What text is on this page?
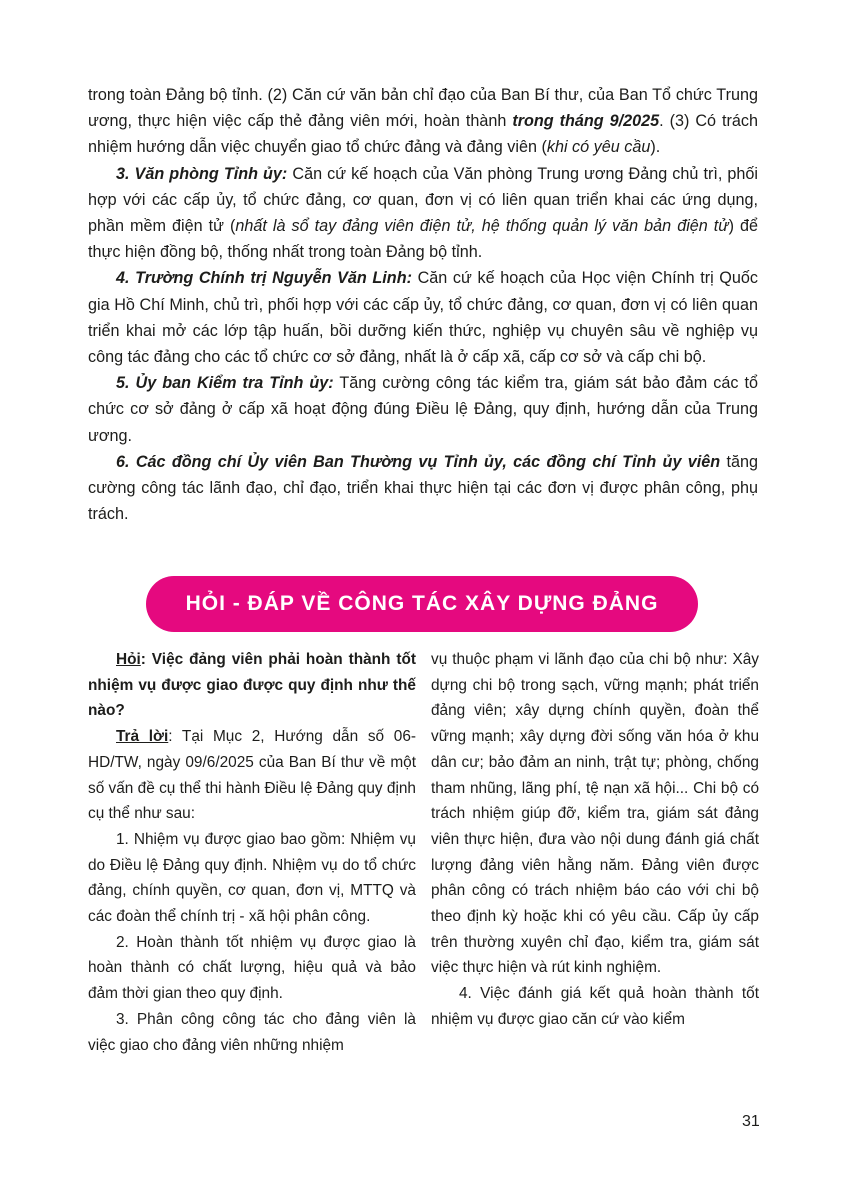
trong toàn Đảng bộ tỉnh. (2) Căn cứ văn bản chỉ đạo của Ban Bí thư, của Ban Tổ chức Trung ương, thực hiện việc cấp thẻ đảng viên mới, hoàn thành trong tháng 9/2025. (3) Có trách nhiệm hướng dẫn việc chuyển giao tổ chức đảng và đảng viên (khi có yêu cầu).

3. Văn phòng Tỉnh ủy: Căn cứ kế hoạch của Văn phòng Trung ương Đảng chủ trì, phối hợp với các cấp ủy, tổ chức đảng, cơ quan, đơn vị có liên quan triển khai các ứng dụng, phần mềm điện tử (nhất là sổ tay đảng viên điện tử, hệ thống quản lý văn bản điện tử) để thực hiện đồng bộ, thống nhất trong toàn Đảng bộ tỉnh.

4. Trường Chính trị Nguyễn Văn Linh: Căn cứ kế hoạch của Học viện Chính trị Quốc gia Hồ Chí Minh, chủ trì, phối hợp với các cấp ủy, tổ chức đảng, cơ quan, đơn vị có liên quan triển khai mở các lớp tập huấn, bồi dưỡng kiến thức, nghiệp vụ chuyên sâu về nghiệp vụ công tác đảng cho các tổ chức cơ sở đảng, nhất là ở cấp xã, cấp cơ sở và cấp chi bộ.

5. Ủy ban Kiểm tra Tỉnh ủy: Tăng cường công tác kiểm tra, giám sát bảo đảm các tổ chức cơ sở đảng ở cấp xã hoạt động đúng Điều lệ Đảng, quy định, hướng dẫn của Trung ương.

6. Các đồng chí Ủy viên Ban Thường vụ Tỉnh ủy, các đồng chí Tỉnh ủy viên tăng cường công tác lãnh đạo, chỉ đạo, triển khai thực hiện tại các đơn vị được phân công, phụ trách.

HỎI - ĐÁP VỀ CÔNG TÁC XÂY DỰNG ĐẢNG

Hỏi: Việc đảng viên phải hoàn thành tốt nhiệm vụ được giao được quy định như thế nào?

Trả lời: Tại Mục 2, Hướng dẫn số 06-HD/TW, ngày 09/6/2025 của Ban Bí thư về một số vấn đề cụ thể thi hành Điều lệ Đảng quy định cụ thể như sau:

1. Nhiệm vụ được giao bao gồm: Nhiệm vụ do Điều lệ Đảng quy định. Nhiệm vụ do tổ chức đảng, chính quyền, cơ quan, đơn vị, MTTQ và các đoàn thể chính trị - xã hội phân công.

2. Hoàn thành tốt nhiệm vụ được giao là hoàn thành có chất lượng, hiệu quả và bảo đảm thời gian theo quy định.

3. Phân công công tác cho đảng viên là việc giao cho đảng viên những nhiệm

vụ thuộc phạm vi lãnh đạo của chi bộ như: Xây dựng chi bộ trong sạch, vững mạnh; phát triển đảng viên; xây dựng chính quyền, đoàn thể vững mạnh; xây dựng đời sống văn hóa ở khu dân cư; bảo đảm an ninh, trật tự; phòng, chống tham nhũng, lãng phí, tệ nạn xã hội... Chi bộ có trách nhiệm giúp đỡ, kiểm tra, giám sát đảng viên thực hiện, đưa vào nội dung đánh giá chất lượng đảng viên hằng năm. Đảng viên được phân công có trách nhiệm báo cáo với chi bộ theo định kỳ hoặc khi có yêu cầu. Cấp ủy cấp trên thường xuyên chỉ đạo, kiểm tra, giám sát việc thực hiện và rút kinh nghiệm.

4. Việc đánh giá kết quả hoàn thành tốt nhiệm vụ được giao căn cứ vào kiểm

31
